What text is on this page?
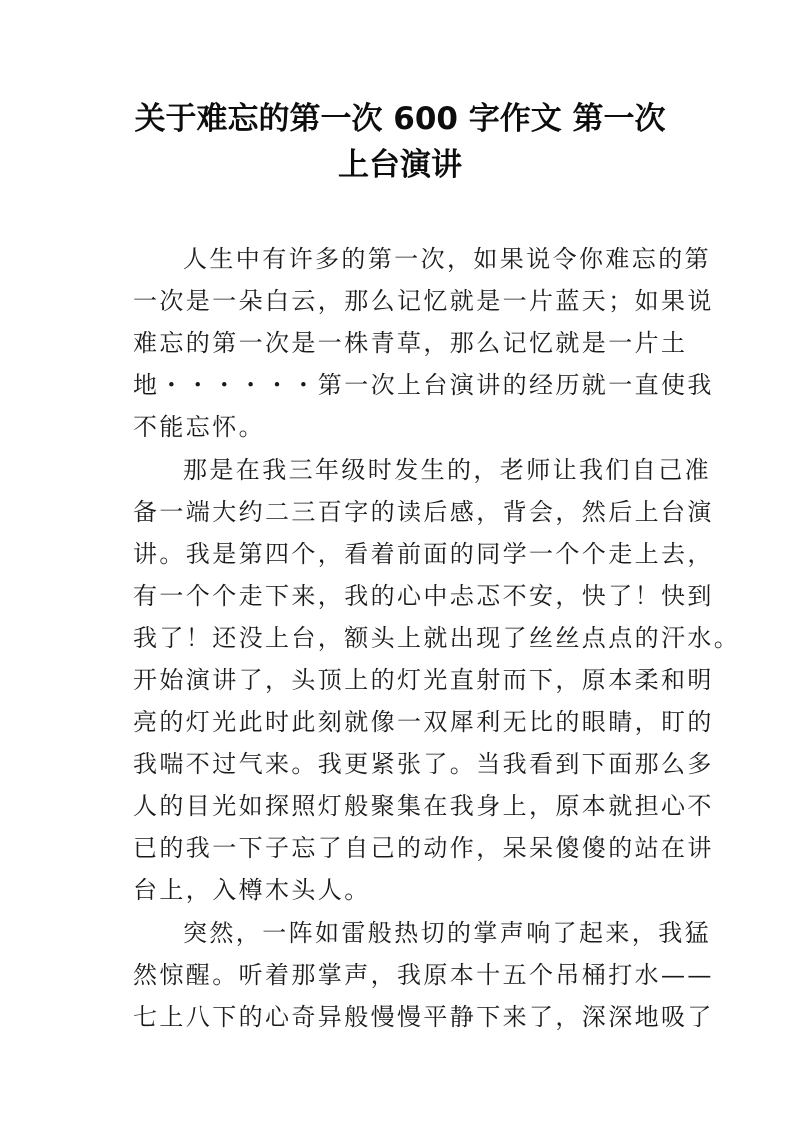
关于难忘的第一次 600 字作文 第一次
上台演讲
人生中有许多的第一次，如果说令你难忘的第
一次是一朵白云，那么记忆就是一片蓝天；如果说
难忘的第一次是一株青草，那么记忆就是一片土
地・・・・・・第一次上台演讲的经历就一直使我
不能忘怀。
那是在我三年级时发生的，老师让我们自己准
备一端大约二三百字的读后感，背会，然后上台演
讲。我是第四个，看着前面的同学一个个走上去，
有一个个走下来，我的心中忐忑不安，快了！快到
我了！还没上台，额头上就出现了丝丝点点的汗水。
开始演讲了，头顶上的灯光直射而下，原本柔和明
亮的灯光此时此刻就像一双犀利无比的眼睛，盯的
我喘不过气来。我更紧张了。当我看到下面那么多
人的目光如探照灯般聚集在我身上，原本就担心不
已的我一下子忘了自己的动作，呆呆傻傻的站在讲
台上，入樽木头人。
突然，一阵如雷般热切的掌声响了起来，我猛
然惊醒。听着那掌声，我原本十五个吊桶打水——
七上八下的心奇异般慢慢平静下来了，深深地吸了
